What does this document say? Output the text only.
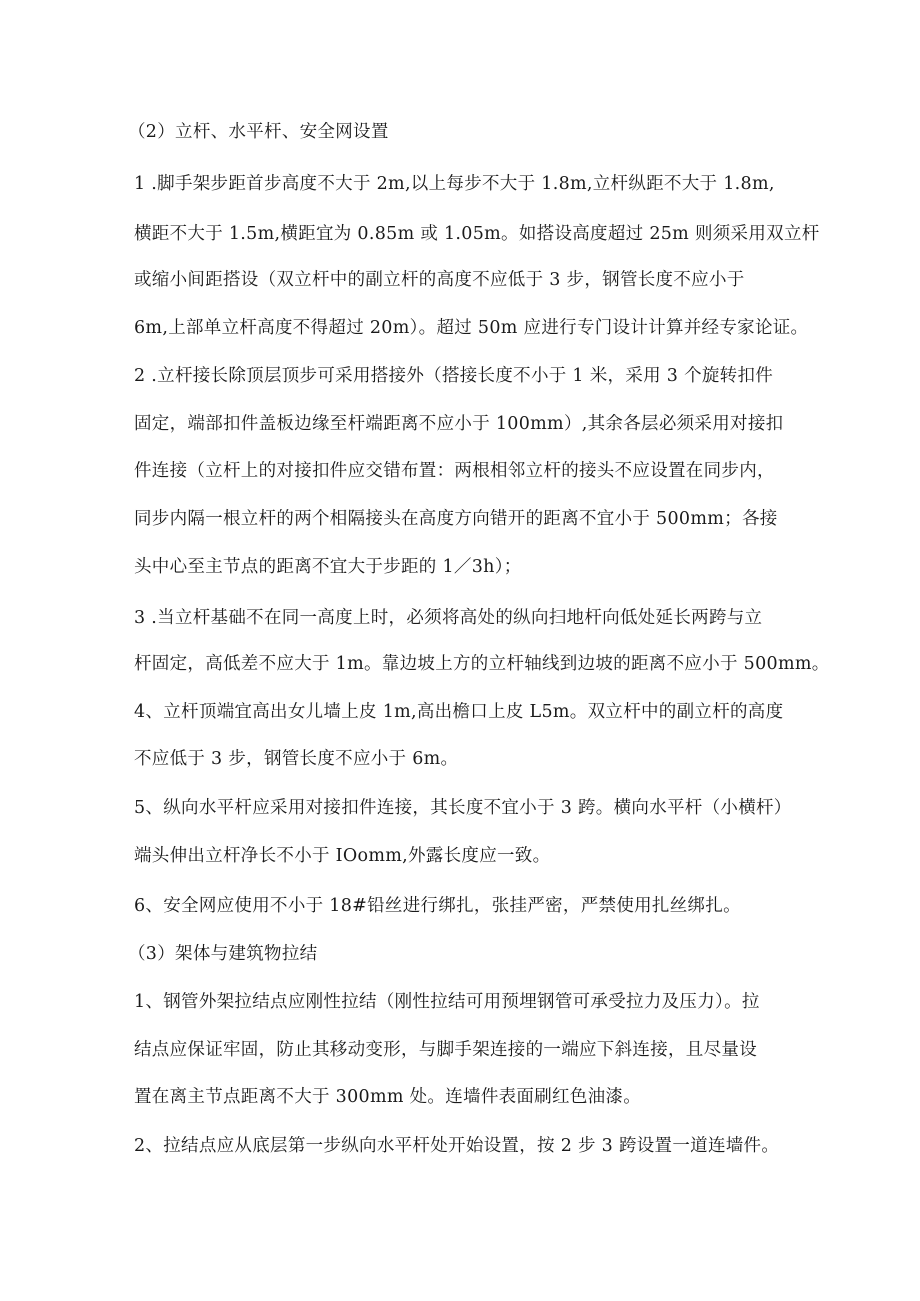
（2）立杆、水平杆、安全网设置
1 .脚手架步距首步高度不大于 2m,以上每步不大于 1.8m,立杆纵距不大于 1.8m,
横距不大于 1.5m,横距宜为 0.85m 或 1.05m。如搭设高度超过 25m 则须采用双立杆
或缩小间距搭设（双立杆中的副立杆的高度不应低于 3 步，钢管长度不应小于
6m,上部单立杆高度不得超过 20m）。超过 50m 应进行专门设计计算并经专家论证。
2 .立杆接长除顶层顶步可采用搭接外（搭接长度不小于 1 米，采用 3 个旋转扣件
固定，端部扣件盖板边缘至杆端距离不应小于 100mm）,其余各层必须采用对接扣
件连接（立杆上的对接扣件应交错布置：两根相邻立杆的接头不应设置在同步内，
同步内隔一根立杆的两个相隔接头在高度方向错开的距离不宜小于 500mm；各接
头中心至主节点的距离不宜大于步距的 1／3h）；
3 .当立杆基础不在同一高度上时，必须将高处的纵向扫地杆向低处延长两跨与立
杆固定，高低差不应大于 1m。靠边坡上方的立杆轴线到边坡的距离不应小于 500mm。
4、立杆顶端宜高出女儿墙上皮 1m,高出檐口上皮 L5m。双立杆中的副立杆的高度
不应低于 3 步，钢管长度不应小于 6m。
5、纵向水平杆应采用对接扣件连接，其长度不宜小于 3 跨。横向水平杆（小横杆）
端头伸出立杆净长不小于 IOomm,外露长度应一致。
6、安全网应使用不小于 18#铅丝进行绑扎，张挂严密，严禁使用扎丝绑扎。
（3）架体与建筑物拉结
1、钢管外架拉结点应刚性拉结（刚性拉结可用预埋钢管可承受拉力及压力）。拉
结点应保证牢固，防止其移动变形，与脚手架连接的一端应下斜连接，且尽量设
置在离主节点距离不大于 300mm 处。连墙件表面刷红色油漆。
2、拉结点应从底层第一步纵向水平杆处开始设置，按 2 步 3 跨设置一道连墙件。
